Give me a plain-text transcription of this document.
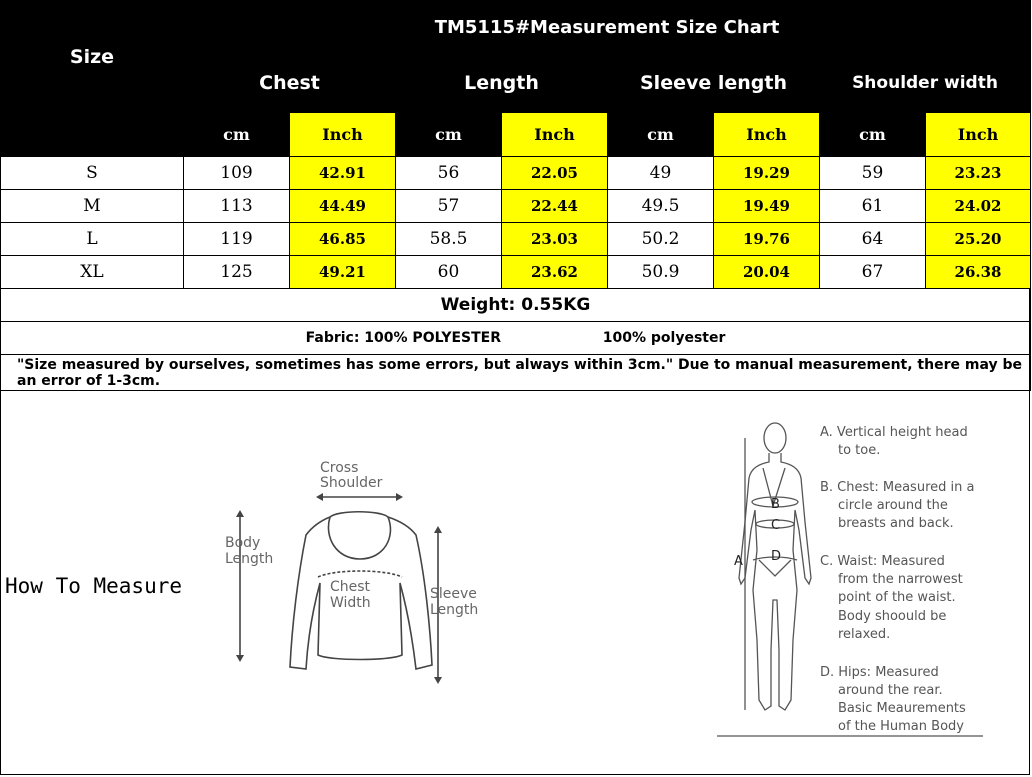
Size	TM5115#Measurement Size Chart							
	Chest		Length		Sleeve length		Shoulder width	
	cm	Inch	cm	Inch	cm	Inch	cm	Inch
S	109	42.91	56	22.05	49	19.29	59	23.23
M	113	44.49	57	22.44	49.5	19.49	61	24.02
L	119	46.85	58.5	23.03	50.2	19.76	64	25.20
XL	125	49.21	60	23.62	50.9	20.04	67	26.38
Weight: 0.55KG								
Fabric: 100% POLYESTER 100% polyester								
"Size measured by ourselves, sometimes has some errors, but always within 3cm." Due to manual measurement, there may be an error of 1-3cm.								
How To Measure
Cross
Shoulder
Body
Length
Chest
Width
Sleeve
Length
A
B
C
D
A. Vertical height head
to toe.
B. Chest: Measured in a
circle around the
breasts and back.
C. Waist: Measured
from the narrowest
point of the waist.
Body shoould be
relaxed.
D. Hips: Measured
around the rear.
Basic Meaurements
of the Human Body
